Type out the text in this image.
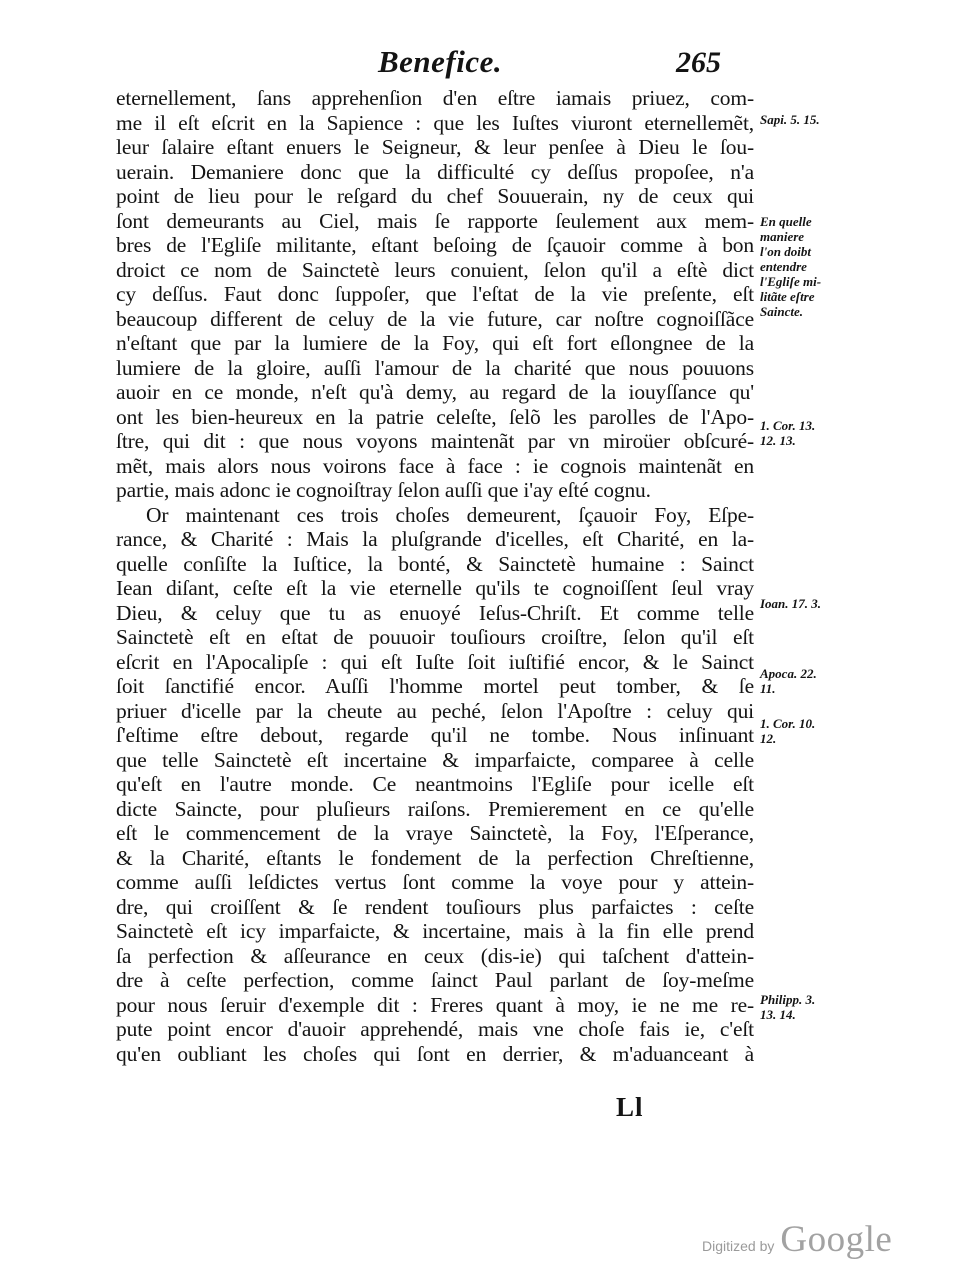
Benefice.	265
eternellement, ſans apprehenſion d'en eſtre iamais priuez, com-
me il eſt eſcrit en la Sapience : que les Iuſtes viuront eternellemẽt,
leur ſalaire eſtant enuers le Seigneur, & leur penſee à Dieu le ſou-
uerain. Demaniere donc que la difficulté cy deſſus propoſee, n'a
point de lieu pour le reſgard du chef Souuerain, ny de ceux qui
ſont demeurants au Ciel, mais ſe rapporte ſeulement aux mem-
bres de l'Egliſe militante, eſtant beſoing de ſçauoir comme à bon
droict ce nom de Sainctetè leurs conuient, ſelon qu'il a eſtè dict
cy deſſus. Faut donc ſuppoſer, que l'eſtat de la vie preſente, eſt
beaucoup different de celuy de la vie future, car noſtre cognoiſſãce
n'eſtant que par la lumiere de la Foy, qui eſt fort eſlongnee de la
lumiere de la gloire, auſſi l'amour de la charité que nous pouuons
auoir en ce monde, n'eſt qu'à demy, au regard de la iouyſſance qu'
ont les bien-heureux en la patrie celeſte, ſelõ les parolles de l'Apo-
ſtre, qui dit : que nous voyons maintenãt par vn miroüer obſcuré-
mẽt, mais alors nous voirons face à face : ie cognois maintenãt en
partie, mais adonc ie cognoiſtray ſelon auſſi que i'ay eſté cognu.
Or maintenant ces trois choſes demeurent, ſçauoir Foy, Eſpe-
rance, & Charité : Mais la pluſgrande d'icelles, eſt Charité, en la-
quelle conſiſte la Iuſtice, la bonté, & Sainctetè humaine : Sainct
Iean diſant, ceſte eſt la vie eternelle qu'ils te cognoiſſent ſeul vray
Dieu, & celuy que tu as enuoyé Ieſus-Chriſt. Et comme telle
Sainctetè eſt en eſtat de pouuoir touſiours croiſtre, ſelon qu'il eſt
eſcrit en l'Apocalipſe : qui eſt Iuſte ſoit iuſtifié encor, & le Sainct
ſoit ſanctifié encor. Auſſi l'homme mortel peut tomber, & ſe
priuer d'icelle par la cheute au peché, ſelon l'Apoſtre : celuy qui
ſ'eſtime eſtre debout, regarde qu'il ne tombe. Nous inſinuant
que telle Sainctetè eſt incertaine & imparfaicte, comparee à celle
qu'eſt en l'autre monde. Ce neantmoins l'Egliſe pour icelle eſt
dicte Saincte, pour pluſieurs raiſons. Premierement en ce qu'elle
eſt le commencement de la vraye Sainctetè, la Foy, l'Eſperance,
& la Charité, eſtants le fondement de la perfection Chreſtienne,
comme auſſi leſdictes vertus ſont comme la voye pour y attein-
dre, qui croiſſent & ſe rendent touſiours plus parfaictes : ceſte
Sainctetè eſt icy imparfaicte, & incertaine, mais à la fin elle prend
ſa perfection & aſſeurance en ceux (dis-ie) qui taſchent d'attein-
dre à ceſte perfection, comme ſainct Paul parlant de ſoy-meſme
pour nous ſeruir d'exemple dit : Freres quant à moy, ie ne me re-
pute point encor d'auoir apprehendé, mais vne choſe fais ie, c'eſt
qu'en oubliant les choſes qui ſont en derrier, & m'aduanceant à
Sapi. 5. 15.
En quelle
maniere
l'on doibt
entendre
l'Egliſe mi-
litãte eſtre
Saincte.
1. Cor. 13.
12. 13.
Ioan. 17. 3.
Apoca. 22.
11.
1. Cor. 10.
12.
Philipp. 3.
13. 14.
Ll
Digitized by Google
